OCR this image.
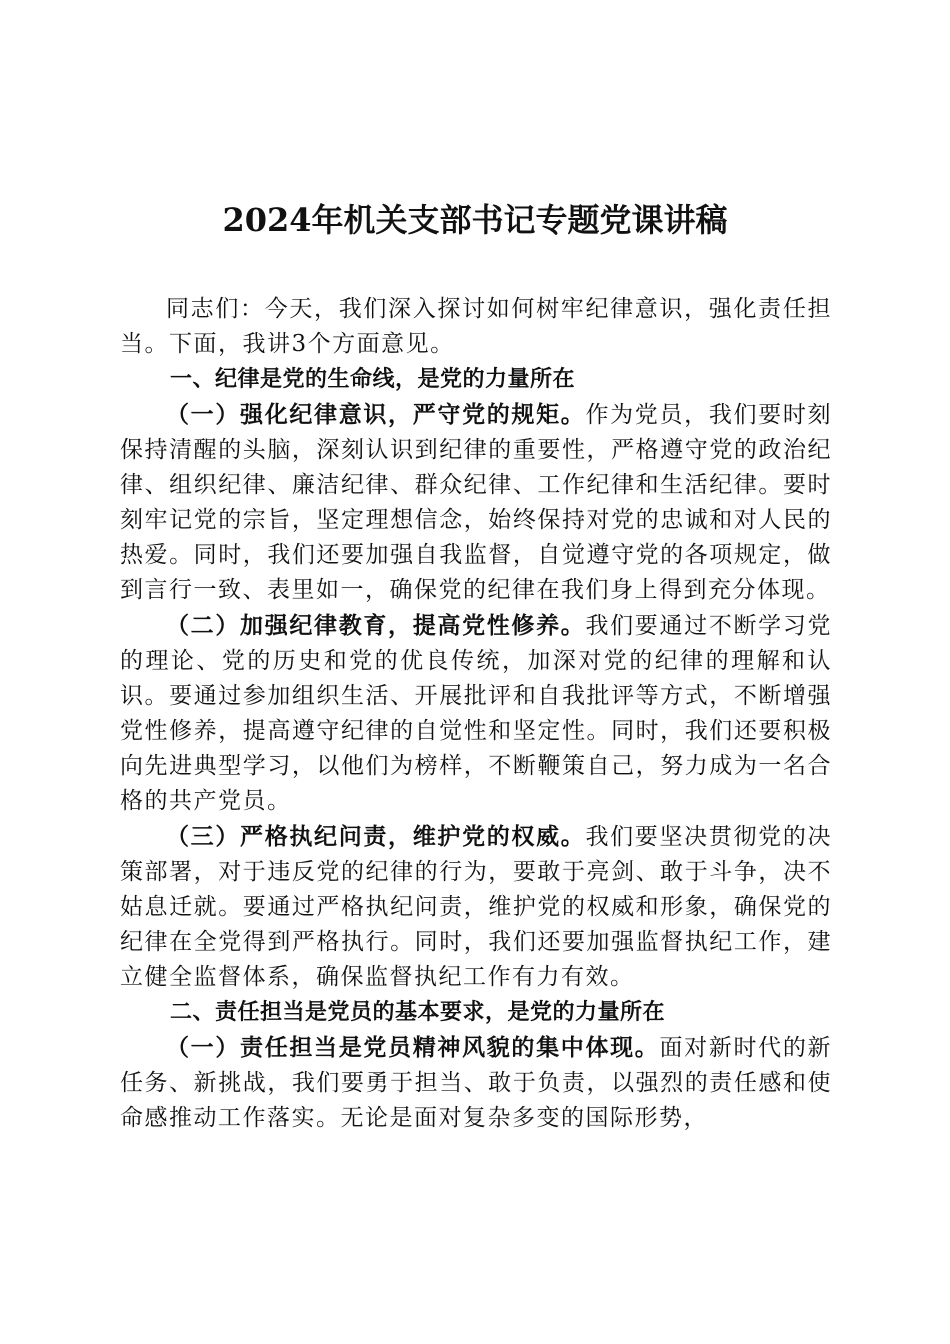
2024年机关支部书记专题党课讲稿

同志们：今天，我们深入探讨如何树牢纪律意识，强化责任担当。下面，我讲3个方面意见。

一、纪律是党的生命线，是党的力量所在

（一）强化纪律意识，严守党的规矩。作为党员，我们要时刻保持清醒的头脑，深刻认识到纪律的重要性，严格遵守党的政治纪律、组织纪律、廉洁纪律、群众纪律、工作纪律和生活纪律。要时刻牢记党的宗旨，坚定理想信念，始终保持对党的忠诚和对人民的热爱。同时，我们还要加强自我监督，自觉遵守党的各项规定，做到言行一致、表里如一，确保党的纪律在我们身上得到充分体现。

（二）加强纪律教育，提高党性修养。我们要通过不断学习党的理论、党的历史和党的优良传统，加深对党的纪律的理解和认识。要通过参加组织生活、开展批评和自我批评等方式，不断增强党性修养，提高遵守纪律的自觉性和坚定性。同时，我们还要积极向先进典型学习，以他们为榜样，不断鞭策自己，努力成为一名合格的共产党员。

（三）严格执纪问责，维护党的权威。我们要坚决贯彻党的决策部署，对于违反党的纪律的行为，要敢于亮剑、敢于斗争，决不姑息迁就。要通过严格执纪问责，维护党的权威和形象，确保党的纪律在全党得到严格执行。同时，我们还要加强监督执纪工作，建立健全监督体系，确保监督执纪工作有力有效。

二、责任担当是党员的基本要求，是党的力量所在

（一）责任担当是党员精神风貌的集中体现。面对新时代的新任务、新挑战，我们要勇于担当、敢于负责，以强烈的责任感和使命感推动工作落实。无论是面对复杂多变的国际形势，
